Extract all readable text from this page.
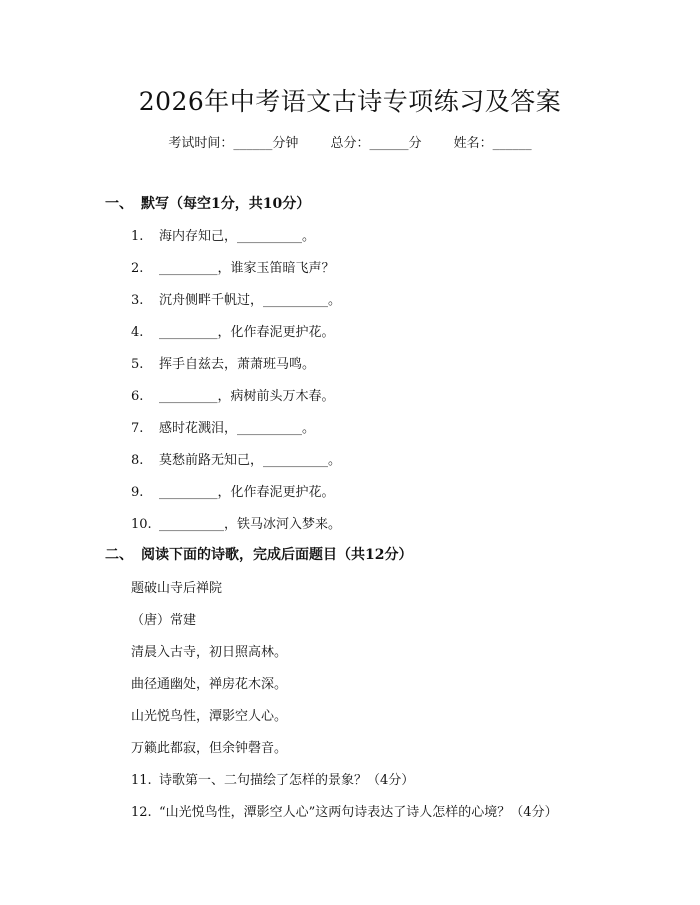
2026年中考语文古诗专项练习及答案
考试时间：______分钟 总分：______分 姓名：______
一、 默写（每空1分，共10分）
1. 海内存知己，__________。
2. _________，谁家玉笛暗飞声？
3. 沉舟侧畔千帆过，__________。
4. _________，化作春泥更护花。
5. 挥手自兹去，萧萧班马鸣。
6. _________，病树前头万木春。
7. 感时花溅泪，__________。
8. 莫愁前路无知己，__________。
9. _________，化作春泥更护花。
10. __________，铁马冰河入梦来。
二、 阅读下面的诗歌，完成后面题目（共12分）
题破山寺后禅院
（唐）常建
清晨入古寺，初日照高林。
曲径通幽处，禅房花木深。
山光悦鸟性，潭影空人心。
万籁此都寂，但余钟磬音。
11. 诗歌第一、二句描绘了怎样的景象？（4分）
12. “山光悦鸟性，潭影空人心”这两句诗表达了诗人怎样的心境？（4分）
